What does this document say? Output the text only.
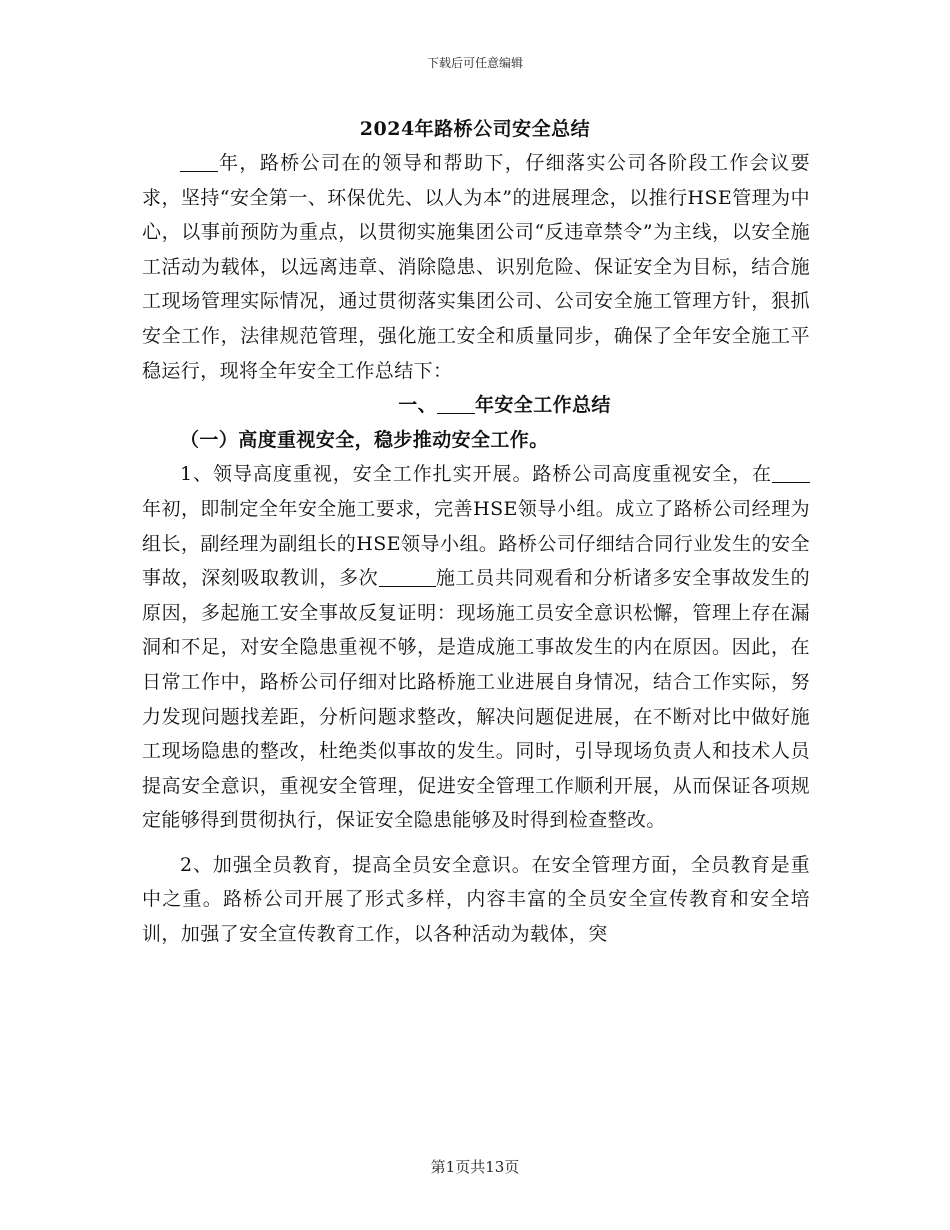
下载后可任意编辑
2024年路桥公司安全总结

年，路桥公司在的领导和帮助下，仔细落实公司各阶段工作会议要求，坚持“安全第一、环保优先、以人为本”的进展理念，以推行HSE管理为中心，以事前预防为重点，以贯彻实施集团公司“反违章禁令”为主线，以安全施工活动为载体，以远离违章、消除隐患、识别危险、保证安全为目标，结合施工现场管理实际情况，通过贯彻落实集团公司、公司安全施工管理方针，狠抓安全工作，法律规范管理，强化施工安全和质量同步，确保了全年安全施工平稳运行，现将全年安全工作总结下：

一、 年安全工作总结

（一）高度重视安全，稳步推动安全工作。

1、领导高度重视，安全工作扎实开展。路桥公司高度重视安全，在年初，即制定全年安全施工要求，完善HSE领导小组。成立了路桥公司经理为组长，副经理为副组长的HSE领导小组。路桥公司仔细结合同行业发生的安全事故，深刻吸取教训，多次	施工员共同观看和分析诸多安全事故发生的原因，多起施工安全事故反复证明：现场施工员安全意识松懈，管理上存在漏洞和不足，对安全隐患重视不够，是造成施工事故发生的内在原因。因此，在日常工作中，路桥公司仔细对比路桥施工业进展自身情况，结合工作实际，努力发现问题找差距，分析问题求整改，解决问题促进展，在不断对比中做好施工现场隐患的整改，杜绝类似事故的发生。同时，引导现场负责人和技术人员提高安全意识，重视安全管理，促进安全管理工作顺利开展，从而保证各项规定能够得到贯彻执行，保证安全隐患能够及时得到检查整改。

2、加强全员教育，提高全员安全意识。在安全管理方面，全员教育是重中之重。路桥公司开展了形式多样，内容丰富的全员安全宣传教育和安全培训，加强了安全宣传教育工作，以各种活动为载体，突

第1页共13页
